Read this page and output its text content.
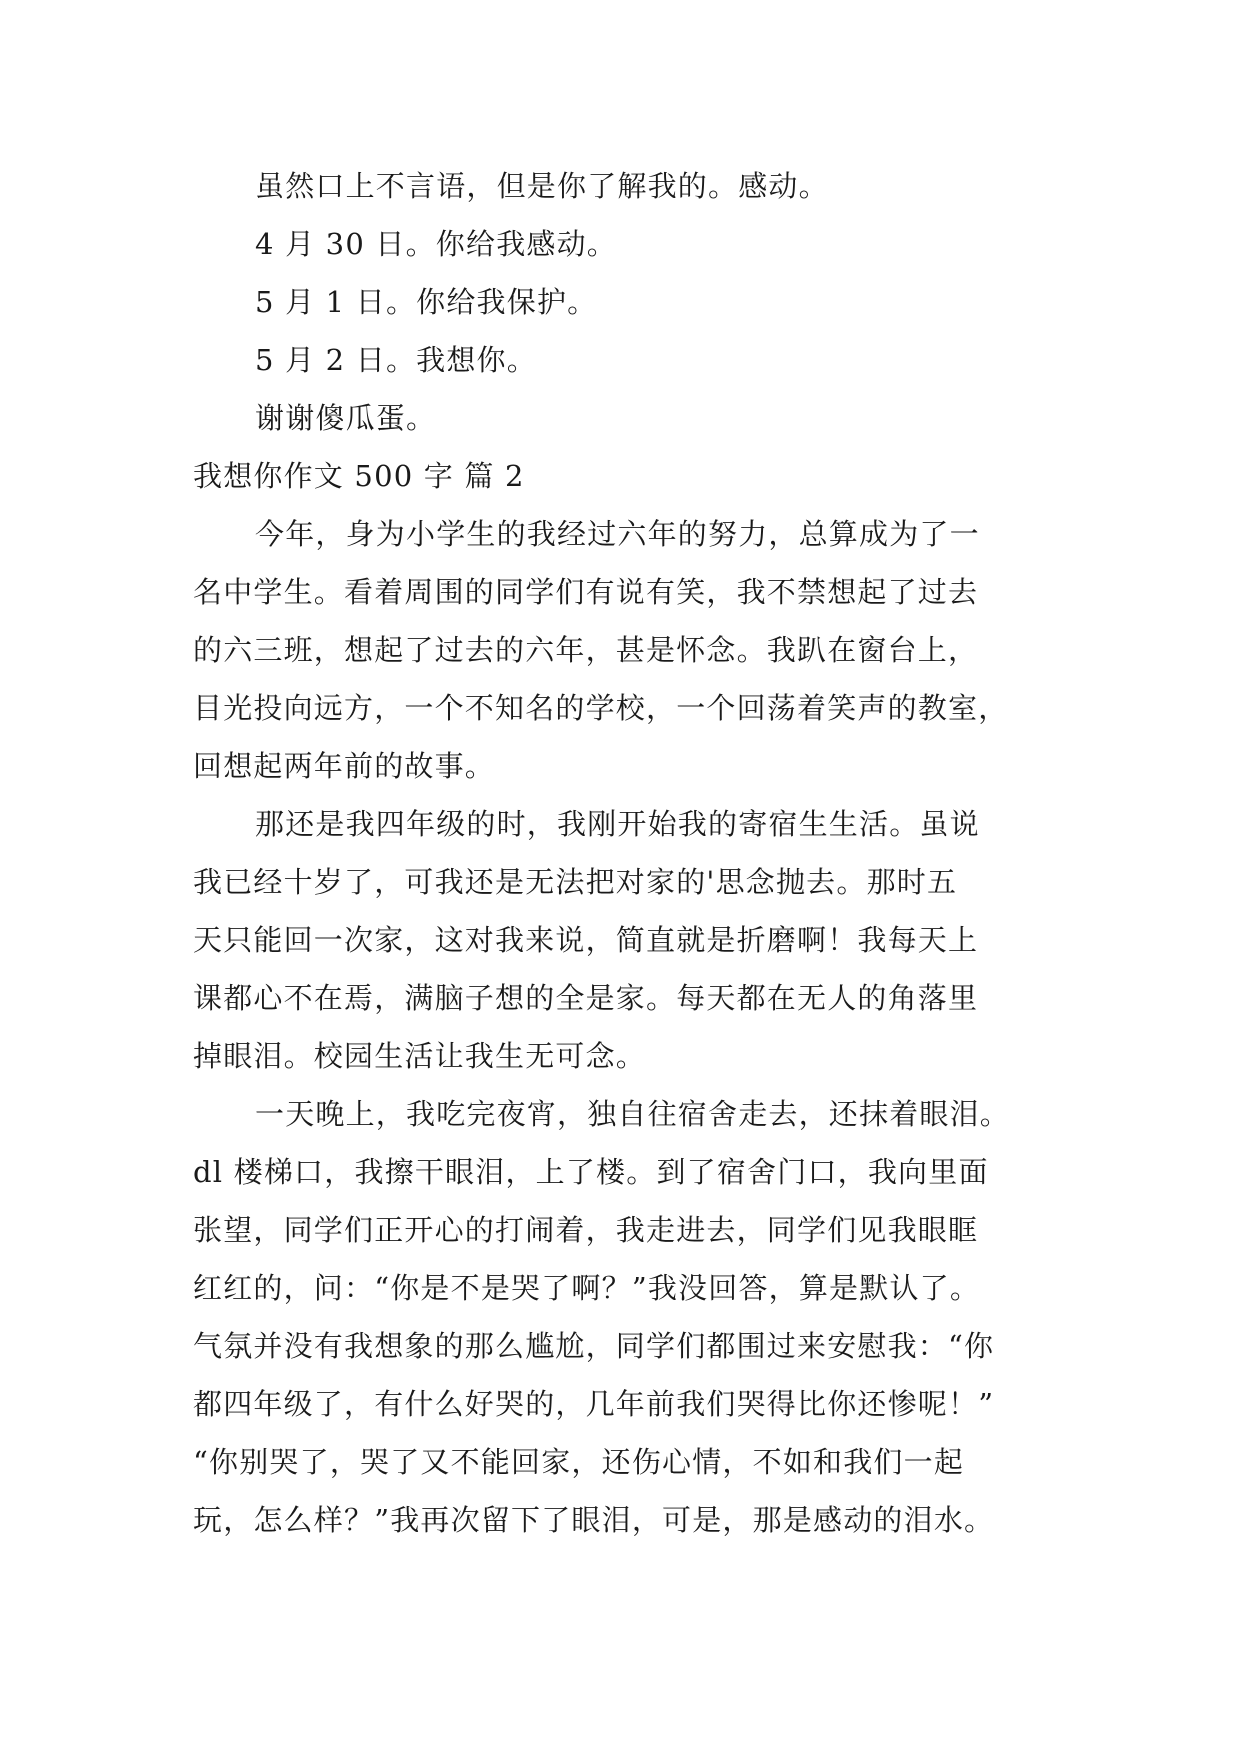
虽然口上不言语，但是你了解我的。感动。
4 月 30 日。你给我感动。
5 月 1 日。你给我保护。
5 月 2 日。我想你。
谢谢傻瓜蛋。
我想你作文 500 字 篇 2
今年，身为小学生的我经过六年的努力，总算成为了一
名中学生。看着周围的同学们有说有笑，我不禁想起了过去
的六三班，想起了过去的六年，甚是怀念。我趴在窗台上，
目光投向远方，一个不知名的学校，一个回荡着笑声的教室，
回想起两年前的故事。
那还是我四年级的时，我刚开始我的寄宿生生活。虽说
我已经十岁了，可我还是无法把对家的'思念抛去。那时五
天只能回一次家，这对我来说，简直就是折磨啊！我每天上
课都心不在焉，满脑子想的全是家。每天都在无人的角落里
掉眼泪。校园生活让我生无可念。
一天晚上，我吃完夜宵，独自往宿舍走去，还抹着眼泪。
dl 楼梯口，我擦干眼泪，上了楼。到了宿舍门口，我向里面
张望，同学们正开心的打闹着，我走进去，同学们见我眼眶
红红的，问：“你是不是哭了啊？”我没回答，算是默认了。
气氛并没有我想象的那么尴尬，同学们都围过来安慰我：“你
都四年级了，有什么好哭的，几年前我们哭得比你还惨呢！”
“你别哭了，哭了又不能回家，还伤心情，不如和我们一起
玩，怎么样？”我再次留下了眼泪，可是，那是感动的泪水。
